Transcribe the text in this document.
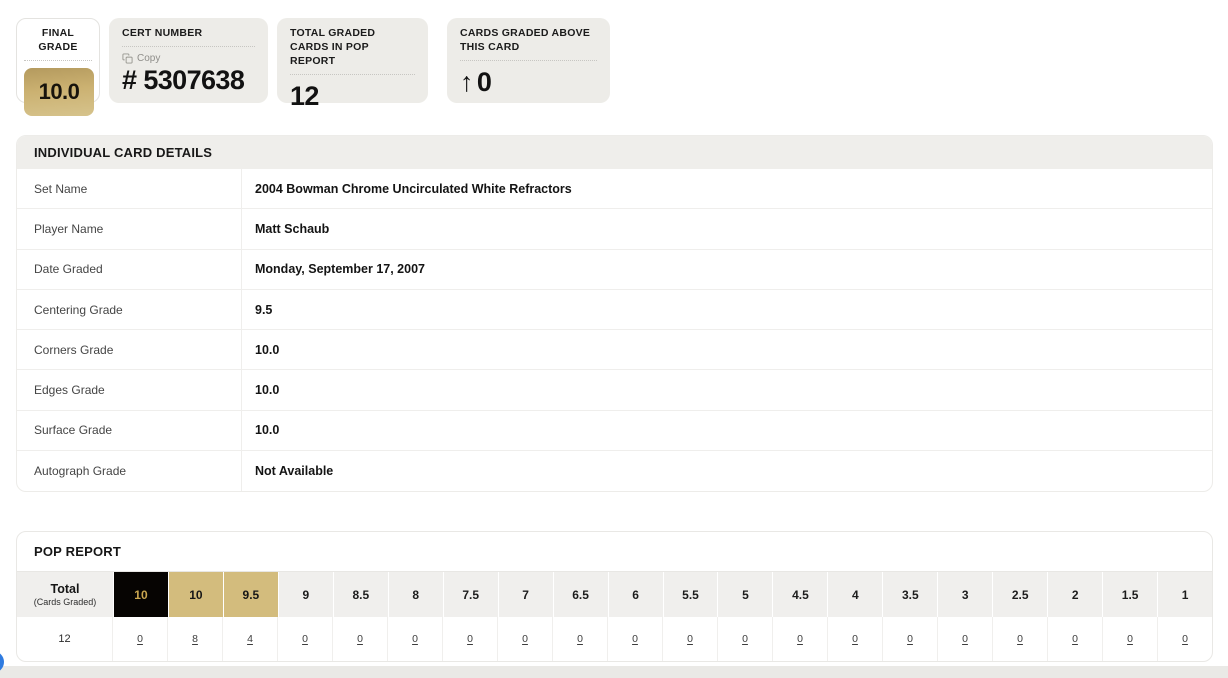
FINAL GRADE
10.0
CERT NUMBER
Copy
# 5307638
TOTAL GRADED
CARDS IN POP REPORT
12
CARDS GRADED ABOVE
THIS CARD
↑ 0
INDIVIDUAL CARD DETAILS
Set Name	2004 Bowman Chrome Uncirculated White Refractors
Player Name	Matt Schaub
Date Graded	Monday, September 17, 2007
Centering Grade	9.5
Corners Grade	10.0
Edges Grade	10.0
Surface Grade	10.0
Autograph Grade	Not Available
POP REPORT
Total
(Cards Graded)
10	10	9.5	9	8.5	8	7.5	7	6.5	6	5.5	5	4.5	4	3.5	3	2.5	2	1.5	1
12	0	8	4	0	0	0	0	0	0	0	0	0	0	0	0	0	0	0	0	0
